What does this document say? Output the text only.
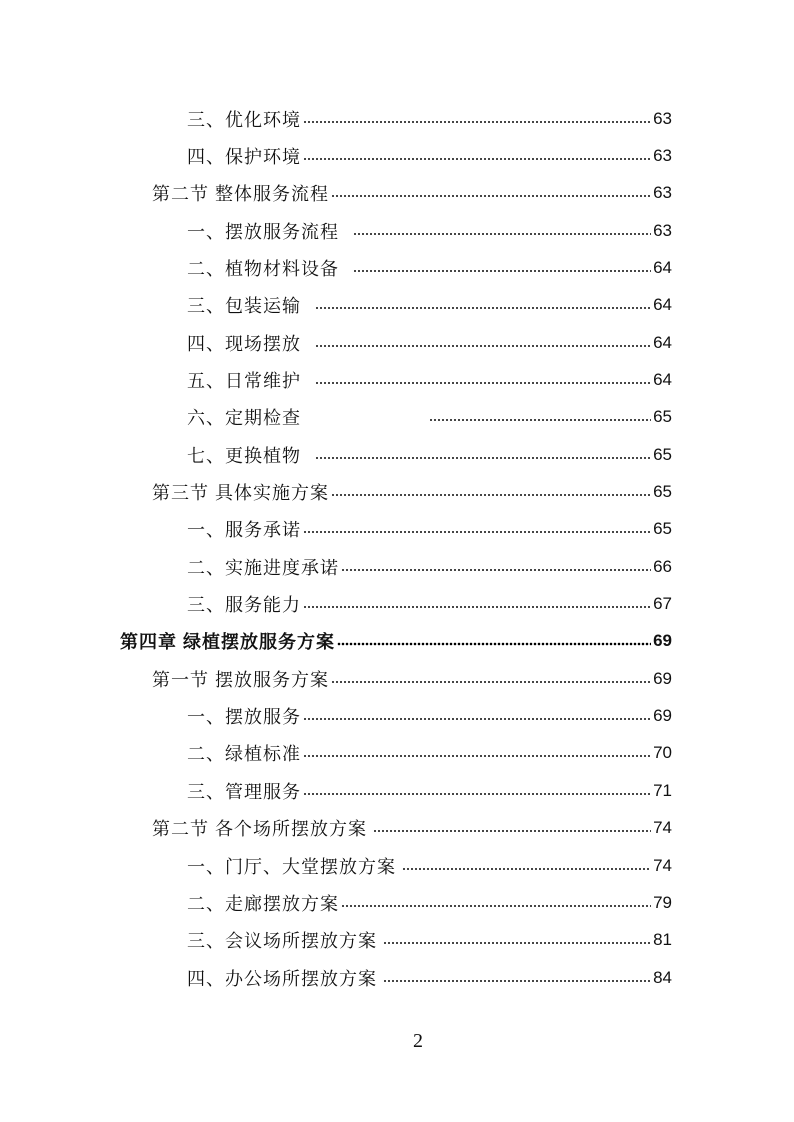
三、优化环境	63
四、保护环境	63
第二节 整体服务流程	63
一、摆放服务流程	63
二、植物材料设备	64
三、包装运输	64
四、现场摆放	64
五、日常维护	64
六、定期检查	65
七、更换植物	65
第三节 具体实施方案	65
一、服务承诺	65
二、实施进度承诺	66
三、服务能力	67
第四章 绿植摆放服务方案	69
第一节 摆放服务方案	69
一、摆放服务	69
二、绿植标准	70
三、管理服务	71
第二节 各个场所摆放方案	74
一、门厅、大堂摆放方案	74
二、走廊摆放方案	79
三、会议场所摆放方案	81
四、办公场所摆放方案	84
2
